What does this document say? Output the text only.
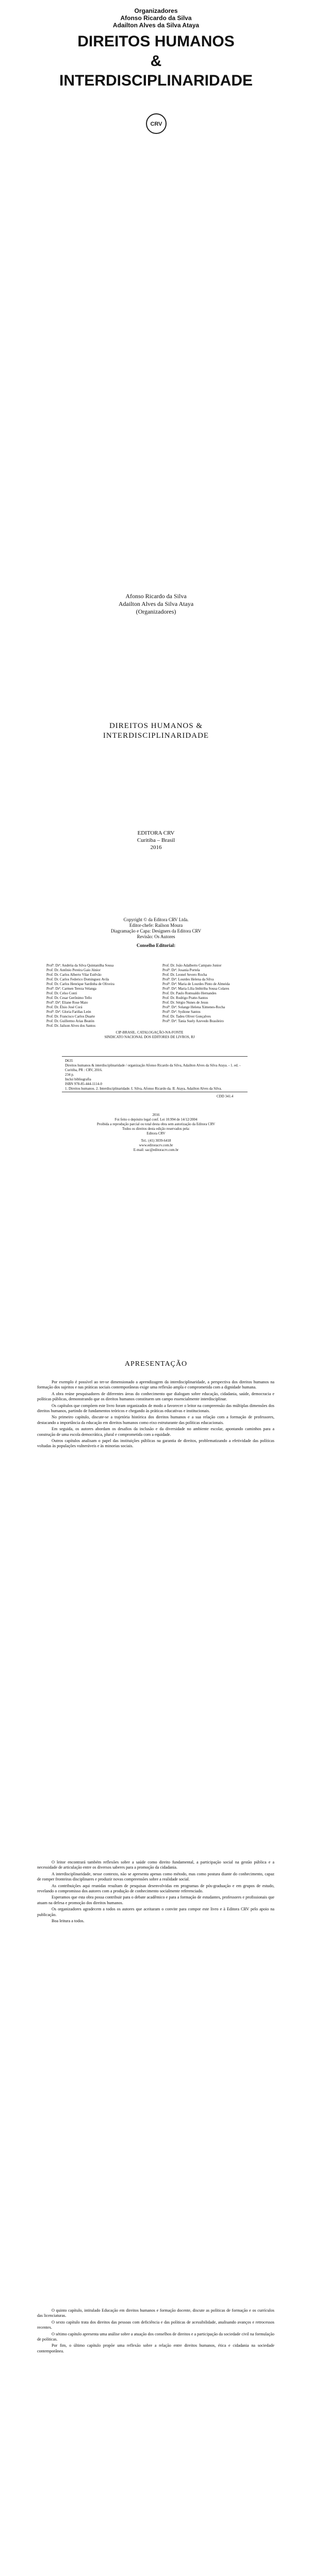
Organizadores
Afonso Ricardo da Silva
Adailton Alves da Silva Ataya
DIREITOS HUMANOS
&
INTERDISCIPLINARIDADE
CRV
Afonso Ricardo da Silva
Adailton Alves da Silva Ataya
(Organizadores)
DIREITOS HUMANOS &
INTERDISCIPLINARIDADE
EDITORA CRV
Curitiba – Brasil
2016
Copyright © da Editora CRV Ltda.
Editor-chefe: Railson Moura
Diagramação e Capa: Designers da Editora CRV
Revisão: Os Autores
Conselho Editorial:
Profª. Drª. Andréia da Silva Quintanilha Sousa
Prof. Dr. Antônio Pereira Gaio Júnior
Prof. Dr. Carlos Alberto Vilar Estêvão
Prof. Dr. Carlos Federico Dominguez Avila
Prof. Dr. Carlos Henrique Sardinha de Oliveira
Profª. Drª. Carmen Tereza Velanga
Prof. Dr. Celso Conti
Prof. Dr. Cesar Gerônimo Tello
Profª. Drª. Eliane Rose Maio
Prof. Dr. Élsio José Corá
Profª. Drª. Gloria Fariñas León
Prof. Dr. Francisco Carlos Duarte
Prof. Dr. Guillermo Arias Beatón
Prof. Dr. Jailson Alves dos Santos
Prof. Dr. João Adalberto Campato Junior
Profª. Drª. Josania Portela
Prof. Dr. Leonel Severo Rocha
Profª. Drª. Lourdes Helena da Silva
Profª. Drª. Maria de Lourdes Pinto de Almeida
Profª. Drª. Maria Lília Imbiriba Sousa Colares
Prof. Dr. Paulo Romualdo Hernandes
Prof. Dr. Rodrigo Pratte-Santos
Prof. Dr. Sérgio Nunes de Jesus
Profª. Drª. Solange Helena Ximenes-Rocha
Profª. Drª. Sydione Santos
Prof. Dr. Tadeu Oliver Gonçalves
Profª. Drª. Tania Suely Azevedo Brasileiro
CIP-BRASIL. CATALOGAÇÃO-NA-FONTE
SINDICATO NACIONAL DOS EDITORES DE LIVROS, RJ
D635
Direitos humanos & interdisciplinaridade / organização Afonso Ricardo da Silva, Adailton Alves da Silva Ataya. - 1. ed. - Curitiba, PR : CRV, 2016.
234 p.
Inclui bibliografia
ISBN 978-85-444-1114-0
1. Direitos humanos. 2. Interdisciplinaridade. I. Silva, Afonso Ricardo da. II. Ataya, Adailton Alves da Silva.
CDD 341.4
2016
Foi feito o depósito legal conf. Lei 10.994 de 14/12/2004
Proibida a reprodução parcial ou total desta obra sem autorização da Editora CRV
Todos os direitos desta edição reservados pela:
Editora CRV
Tel.: (41) 3039-6418
www.editoracrv.com.br
E-mail: sac@editoracrv.com.br
APRESENTAÇÃO

Por exemplo é possível ao ter-se dimensionado a aprendizagem da interdisciplinaridade, a perspectiva dos direitos humanos na formação dos sujeitos e nas práticas sociais contemporâneas exige uma reflexão ampla e comprometida com a dignidade humana.

A obra reúne pesquisadores de diferentes áreas do conhecimento que dialogam sobre educação, cidadania, saúde, democracia e políticas públicas, demonstrando que os direitos humanos constituem um campo essencialmente interdisciplinar.

Os capítulos que compõem este livro foram organizados de modo a favorecer o leitor na compreensão das múltiplas dimensões dos direitos humanos, partindo de fundamentos teóricos e chegando às práticas educativas e institucionais.

No primeiro capítulo, discute-se a trajetória histórica dos direitos humanos e a sua relação com a formação de professores, destacando a importância da educação em direitos humanos como eixo estruturante das políticas educacionais.

Em seguida, os autores abordam os desafios da inclusão e da diversidade no ambiente escolar, apontando caminhos para a construção de uma escola democrática, plural e comprometida com a equidade.

Outros capítulos analisam o papel das instituições públicas na garantia de direitos, problematizando a efetividade das políticas voltadas às populações vulneráveis e às minorias sociais.

O leitor encontrará também reflexões sobre a saúde como direito fundamental, a participação social na gestão pública e a necessidade de articulação entre os diversos saberes para a promoção da cidadania.

A interdisciplinaridade, nesse contexto, não se apresenta apenas como método, mas como postura diante do conhecimento, capaz de romper fronteiras disciplinares e produzir novas compreensões sobre a realidade social.

As contribuições aqui reunidas resultam de pesquisas desenvolvidas em programas de pós-graduação e em grupos de estudo, revelando o compromisso dos autores com a produção de conhecimento socialmente referenciado.

Esperamos que esta obra possa contribuir para o debate acadêmico e para a formação de estudantes, professores e profissionais que atuam na defesa e promoção dos direitos humanos.

Os organizadores agradecem a todos os autores que aceitaram o convite para compor este livro e à Editora CRV pelo apoio na publicação.

Boa leitura a todos.

O quinto capítulo, intitulado Educação em direitos humanos e formação docente, discute as políticas de formação e os currículos das licenciaturas.

O sexto capítulo trata dos direitos das pessoas com deficiência e das políticas de acessibilidade, analisando avanços e retrocessos recentes.

O sétimo capítulo apresenta uma análise sobre a atuação dos conselhos de direitos e a participação da sociedade civil na formulação de políticas.

Por fim, o último capítulo propõe uma reflexão sobre a relação entre direitos humanos, ética e cidadania na sociedade contemporânea.
